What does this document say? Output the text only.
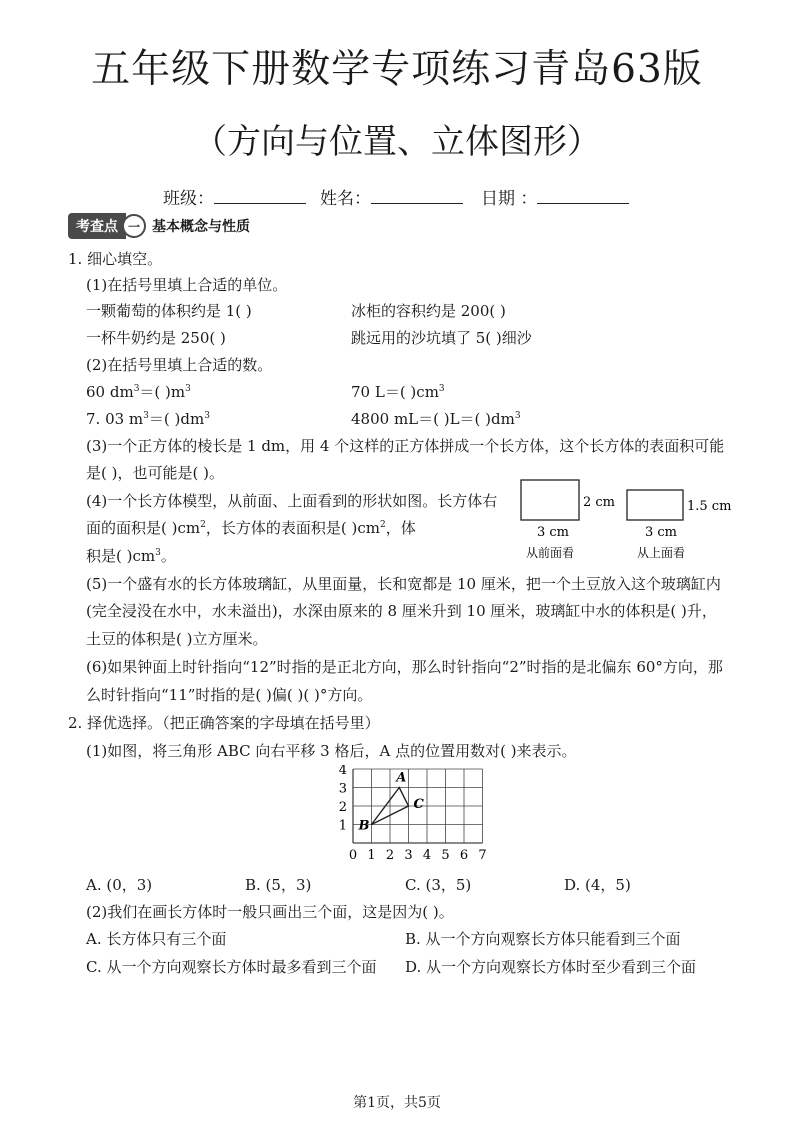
五年级下册数学专项练习青岛63版
（方向与位置、立体图形）
班级：	姓名：	日期 ：
考查点 一 基本概念与性质
1. 细心填空。
(1)在括号里填上合适的单位。
一颗葡萄的体积约是 1( )	冰柜的容积约是 200( )
一杯牛奶约是 250( )	跳远用的沙坑填了 5( )细沙
(2)在括号里填上合适的数。
60 $dm^3=$( )$m^3$	70 L＝( )$cm^3$
7. 03 $m^3=$( )$dm^3$	4800 mL＝( )L＝( )$dm^3$
(3)一个正方体的棱长是 1 dm，用 4 个这样的正方体拼成一个长方体，这个长方体的表面积可能
是( )，也可能是( )。
(4)一个长方体模型，从前面、上面看到的形状如图。长方体右
面的面积是( )$cm^2$，长方体的表面积是( )$cm^2$，体
积是( )$cm^3$。
2 cm
3 cm
从前面看
1.5 cm
3 cm
从上面看
(5)一个盛有水的长方体玻璃缸，从里面量，长和宽都是 10 厘米，把一个土豆放入这个玻璃缸内
(完全浸没在水中，水未溢出)，水深由原来的 8 厘米升到 10 厘米，玻璃缸中水的体积是( )升，
土豆的体积是( )立方厘米。
(6)如果钟面上时针指向“12”时指的是正北方向，那么时针指向“2”时指的是北偏东 60°方向，那
么时针指向“11”时指的是( )偏( )( )°方向。
2. 择优选择。（把正确答案的字母填在括号里）
(1)如图，将三角形 ABC 向右平移 3 格后，A 点的位置用数对( )来表示。
0 1 2 3 4 5 6 7
1
2
3
4	A
B
C
A. (0，3)	B. (5，3)	C. (3，5)	D. (4，5)
(2)我们在画长方体时一般只画出三个面，这是因为( )。
A. 长方体只有三个面	B. 从一个方向观察长方体只能看到三个面
C. 从一个方向观察长方体时最多看到三个面 D. 从一个方向观察长方体时至少看到三个面
第1页，共5页
